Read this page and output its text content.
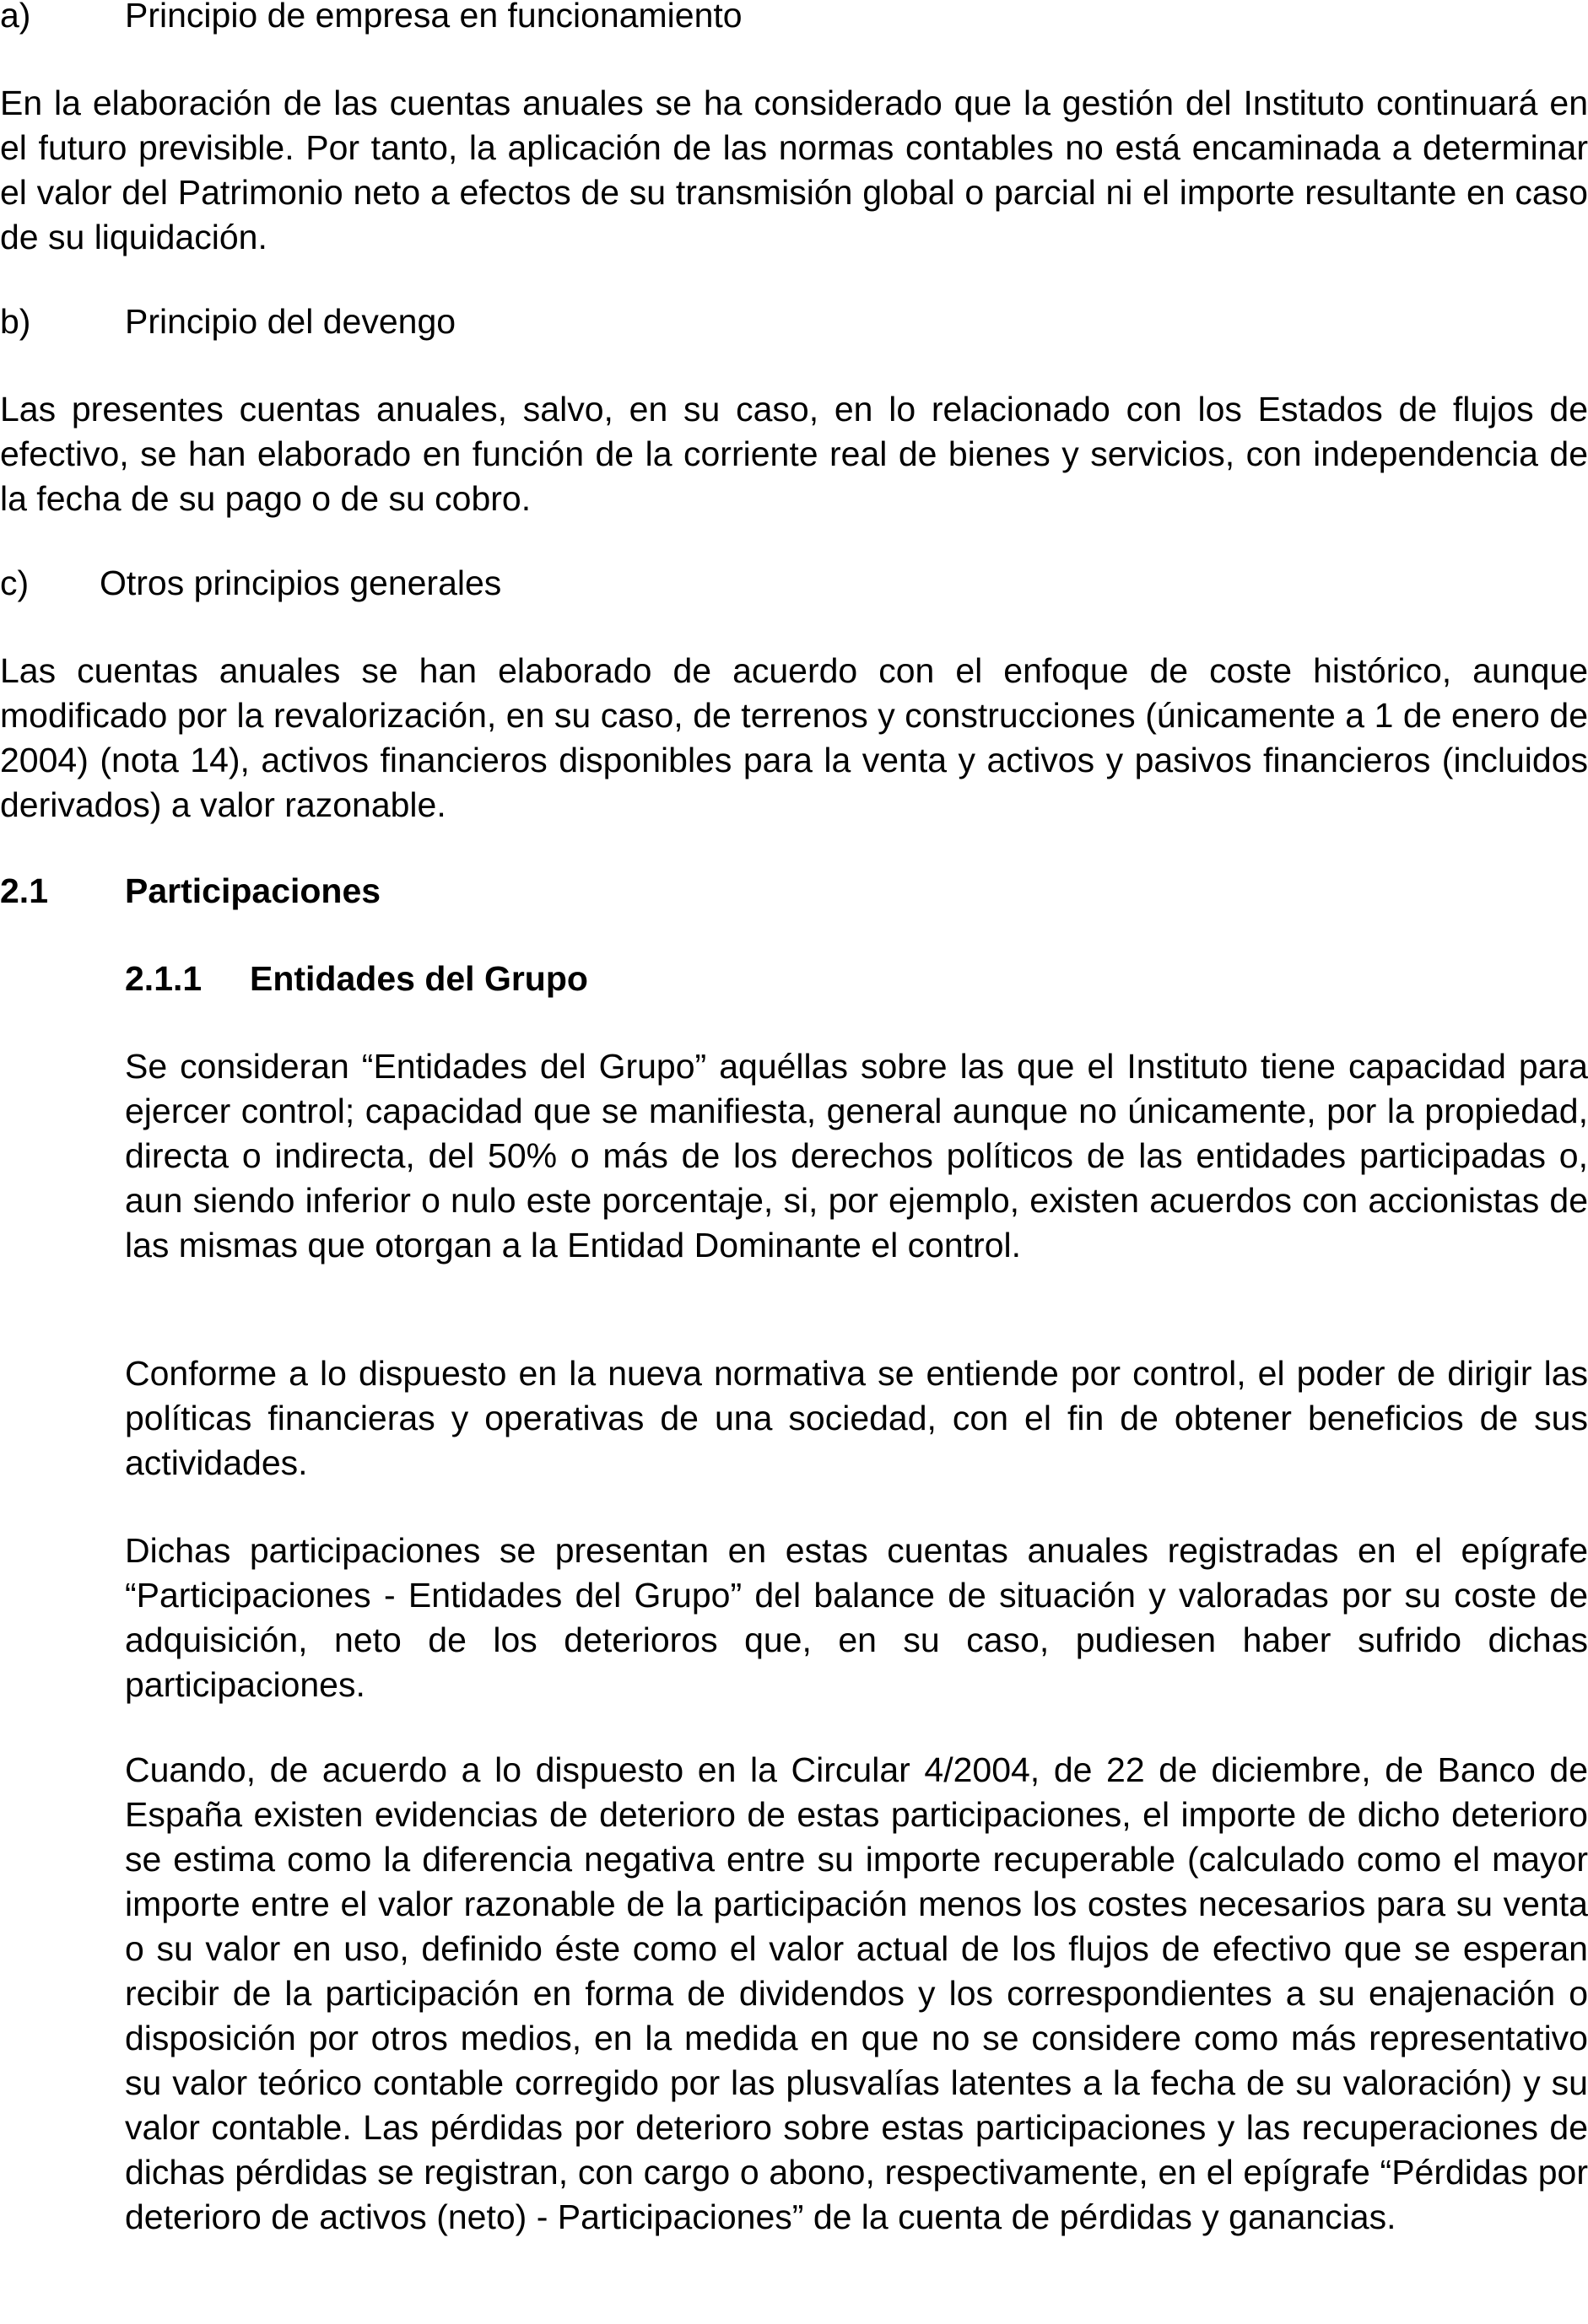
a)	Principio de empresa en funcionamiento

En la elaboración de las cuentas anuales se ha considerado que la gestión del Instituto continuará en el futuro previsible. Por tanto, la aplicación de las normas contables no está encaminada a determinar el valor del Patrimonio neto a efectos de su transmisión global o parcial ni el importe resultante en caso de su liquidación.

b)	Principio del devengo

Las presentes cuentas anuales, salvo, en su caso, en lo relacionado con los Estados de flujos de efectivo, se han elaborado en función de la corriente real de bienes y servicios, con independencia de la fecha de su pago o de su cobro.

c) Otros principios generales

Las cuentas anuales se han elaborado de acuerdo con el enfoque de coste histórico, aunque modificado por la revalorización, en su caso, de terrenos y construcciones (únicamente a 1 de enero de 2004) (nota 14), activos financieros disponibles para la venta y activos y pasivos financieros (incluidos derivados) a valor razonable.

2.1 Participaciones
2.1.1 Entidades del Grupo

Se consideran “Entidades del Grupo” aquéllas sobre las que el Instituto tiene capacidad para ejercer control; capacidad que se manifiesta, general aunque no únicamente, por la propiedad, directa o indirecta, del 50% o más de los derechos políticos de las entidades participadas o, aun siendo inferior o nulo este porcentaje, si, por ejemplo, existen acuerdos con accionistas de las mismas que otorgan a la Entidad Dominante el control.

Conforme a lo dispuesto en la nueva normativa se entiende por control, el poder de dirigir las políticas financieras y operativas de una sociedad, con el fin de obtener beneficios de sus actividades.

Dichas participaciones se presentan en estas cuentas anuales registradas en el epígrafe “Participaciones - Entidades del Grupo” del balance de situación y valoradas por su coste de adquisición, neto de los deterioros que, en su caso, pudiesen haber sufrido dichas participaciones.

Cuando, de acuerdo a lo dispuesto en la Circular 4/2004, de 22 de diciembre, de Banco de España existen evidencias de deterioro de estas participaciones, el importe de dicho deterioro se estima como la diferencia negativa entre su importe recuperable (calculado como el mayor importe entre el valor razonable de la participación menos los costes necesarios para su venta o su valor en uso, definido éste como el valor actual de los flujos de efectivo que se esperan recibir de la participación en forma de dividendos y los correspondientes a su enajenación o disposición por otros medios, en la medida en que no se considere como más representativo su valor teórico contable corregido por las plusvalías latentes a la fecha de su valoración) y su valor contable. Las pérdidas por deterioro sobre estas participaciones y las recuperaciones de dichas pérdidas se registran, con cargo o abono, respectivamente, en el epígrafe “Pérdidas por deterioro de activos (neto) - Participaciones” de la cuenta de pérdidas y ganancias.
